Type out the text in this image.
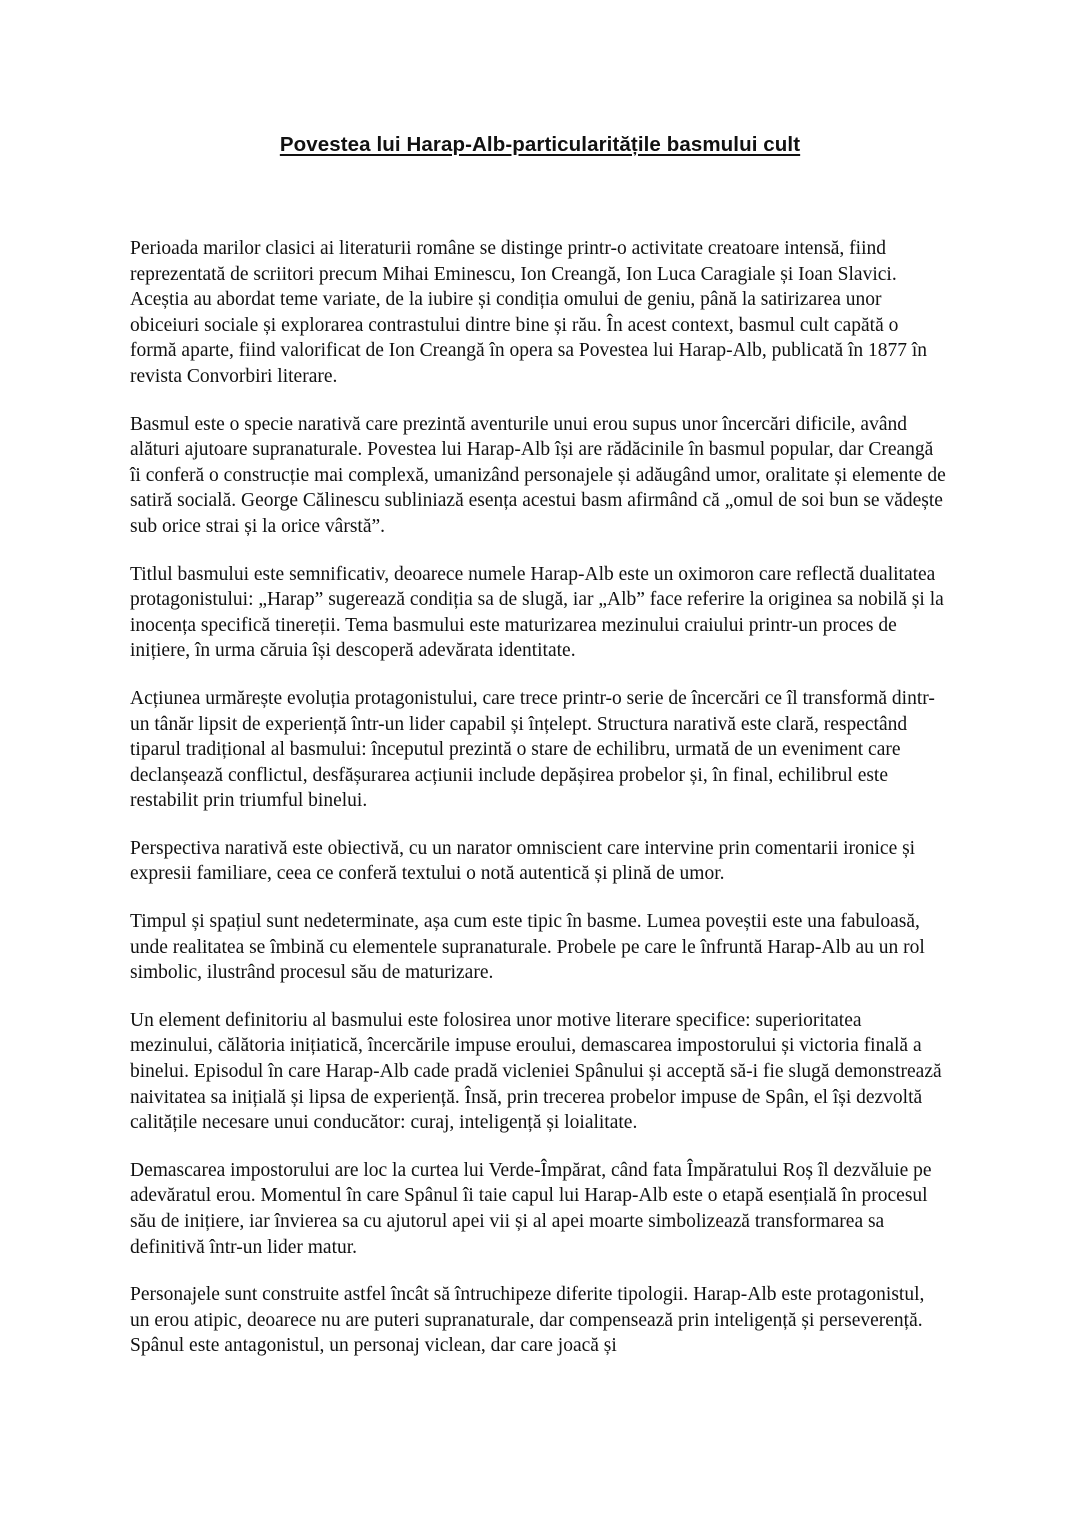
Povestea lui Harap-Alb-particularitățile basmului cult

Perioada marilor clasici ai literaturii române se distinge printr-o activitate creatoare intensă, fiind reprezentată de scriitori precum Mihai Eminescu, Ion Creangă, Ion Luca Caragiale și Ioan Slavici. Aceștia au abordat teme variate, de la iubire și condiția omului de geniu, până la satirizarea unor obiceiuri sociale și explorarea contrastului dintre bine și rău. În acest context, basmul cult capătă o formă aparte, fiind valorificat de Ion Creangă în opera sa Povestea lui Harap-Alb, publicată în 1877 în revista Convorbiri literare.

Basmul este o specie narativă care prezintă aventurile unui erou supus unor încercări dificile, având alături ajutoare supranaturale. Povestea lui Harap-Alb își are rădăcinile în basmul popular, dar Creangă îi conferă o construcție mai complexă, umanizând personajele și adăugând umor, oralitate și elemente de satiră socială. George Călinescu subliniază esența acestui basm afirmând că „omul de soi bun se vădește sub orice strai și la orice vârstă”.

Titlul basmului este semnificativ, deoarece numele Harap-Alb este un oximoron care reflectă dualitatea protagonistului: „Harap” sugerează condiția sa de slugă, iar „Alb” face referire la originea sa nobilă și la inocența specifică tinereții. Tema basmului este maturizarea mezinului craiului printr-un proces de inițiere, în urma căruia își descoperă adevărata identitate.

Acțiunea urmărește evoluția protagonistului, care trece printr-o serie de încercări ce îl transformă dintr-un tânăr lipsit de experiență într-un lider capabil și înțelept. Structura narativă este clară, respectând tiparul tradițional al basmului: începutul prezintă o stare de echilibru, urmată de un eveniment care declanșează conflictul, desfășurarea acțiunii include depășirea probelor și, în final, echilibrul este restabilit prin triumful binelui.

Perspectiva narativă este obiectivă, cu un narator omniscient care intervine prin comentarii ironice și expresii familiare, ceea ce conferă textului o notă autentică și plină de umor.

Timpul și spațiul sunt nedeterminate, așa cum este tipic în basme. Lumea poveștii este una fabuloasă, unde realitatea se îmbină cu elementele supranaturale. Probele pe care le înfruntă Harap-Alb au un rol simbolic, ilustrând procesul său de maturizare.

Un element definitoriu al basmului este folosirea unor motive literare specifice: superioritatea mezinului, călătoria inițiatică, încercările impuse eroului, demascarea impostorului și victoria finală a binelui. Episodul în care Harap-Alb cade pradă vicleniei Spânului și acceptă să-i fie slugă demonstrează naivitatea sa inițială și lipsa de experiență. Însă, prin trecerea probelor impuse de Spân, el își dezvoltă calitățile necesare unui conducător: curaj, inteligență și loialitate.

Demascarea impostorului are loc la curtea lui Verde-Împărat, când fata Împăratului Roș îl dezvăluie pe adevăratul erou. Momentul în care Spânul îi taie capul lui Harap-Alb este o etapă esențială în procesul său de inițiere, iar învierea sa cu ajutorul apei vii și al apei moarte simbolizează transformarea sa definitivă într-un lider matur.

Personajele sunt construite astfel încât să întruchipeze diferite tipologii. Harap-Alb este protagonistul, un erou atipic, deoarece nu are puteri supranaturale, dar compensează prin inteligență și perseverență. Spânul este antagonistul, un personaj viclean, dar care joacă și
